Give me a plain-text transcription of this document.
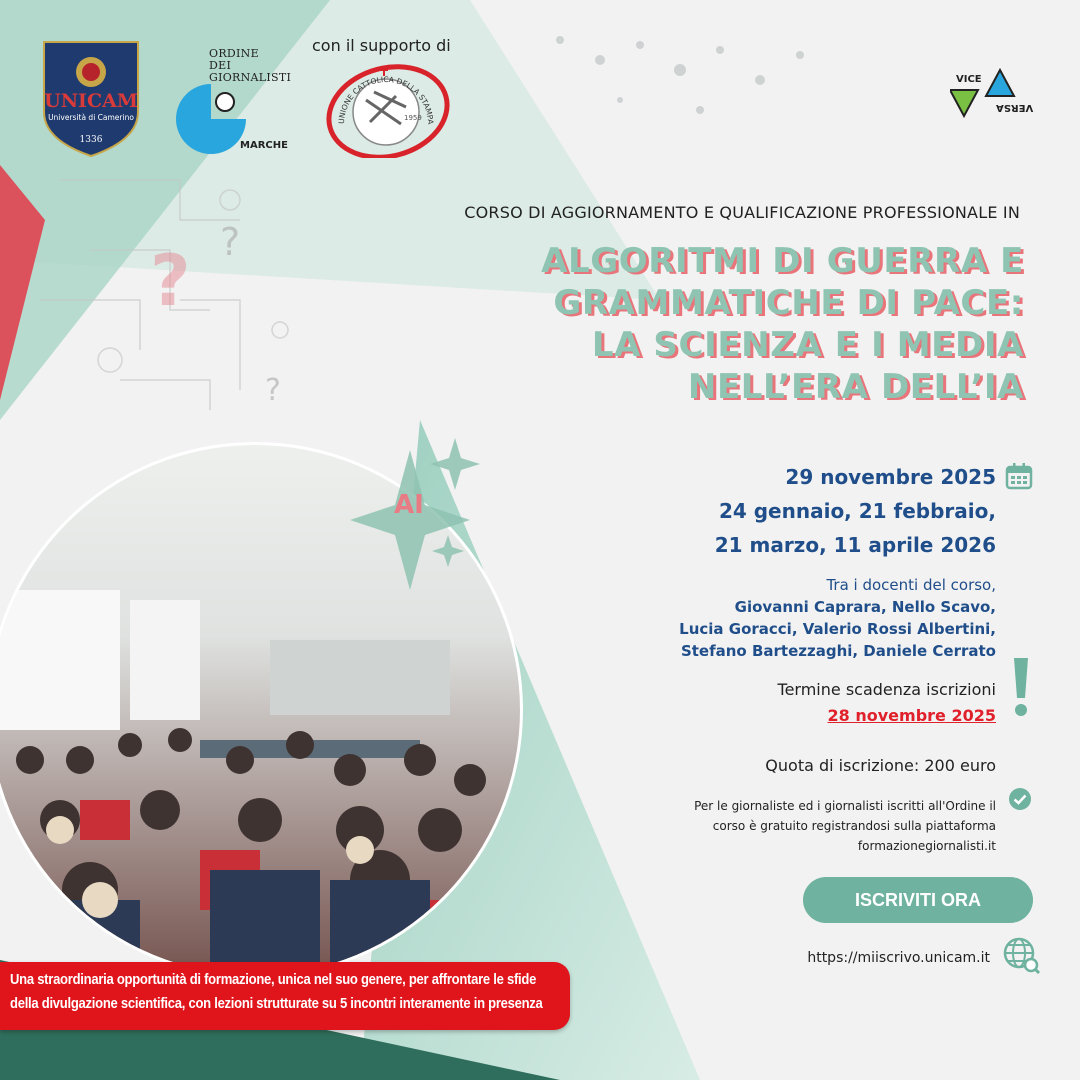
? ?
?
UNICAM
Università di Camerino
1336
ORDINE
DEI
GIORNALISTI
MARCHE
con il supporto di
UNIONE CATTOLICA DELLA STAMPA
1959
VICE
VERSA
CORSO DI AGGIORNAMENTO E QUALIFICAZIONE PROFESSIONALE IN
ALGORITMI DI GUERRA E
GRAMMATICHE DI PACE:
LA SCIENZA E I MEDIA
NELL’ERA DELL’IA
AI
29 novembre 2025
24 gennaio, 21 febbraio,
21 marzo, 11 aprile 2026
Tra i docenti del corso,
Giovanni Caprara, Nello Scavo,
Lucia Goracci, Valerio Rossi Albertini,
Stefano Bartezzaghi, Daniele Cerrato
Termine scadenza iscrizioni
28 novembre 2025
Quota di iscrizione: 200 euro
Per le giornaliste ed i giornalisti iscritti all'Ordine il
corso è gratuito registrandosi sulla piattaforma
formazionegiornalisti.it
ISCRIVITI ORA
https://miiscrivo.unicam.it
Una straordinaria opportunità di formazione, unica nel suo genere, per affrontare le sfide
della divulgazione scientifica, con lezioni strutturate su 5 incontri interamente in presenza
